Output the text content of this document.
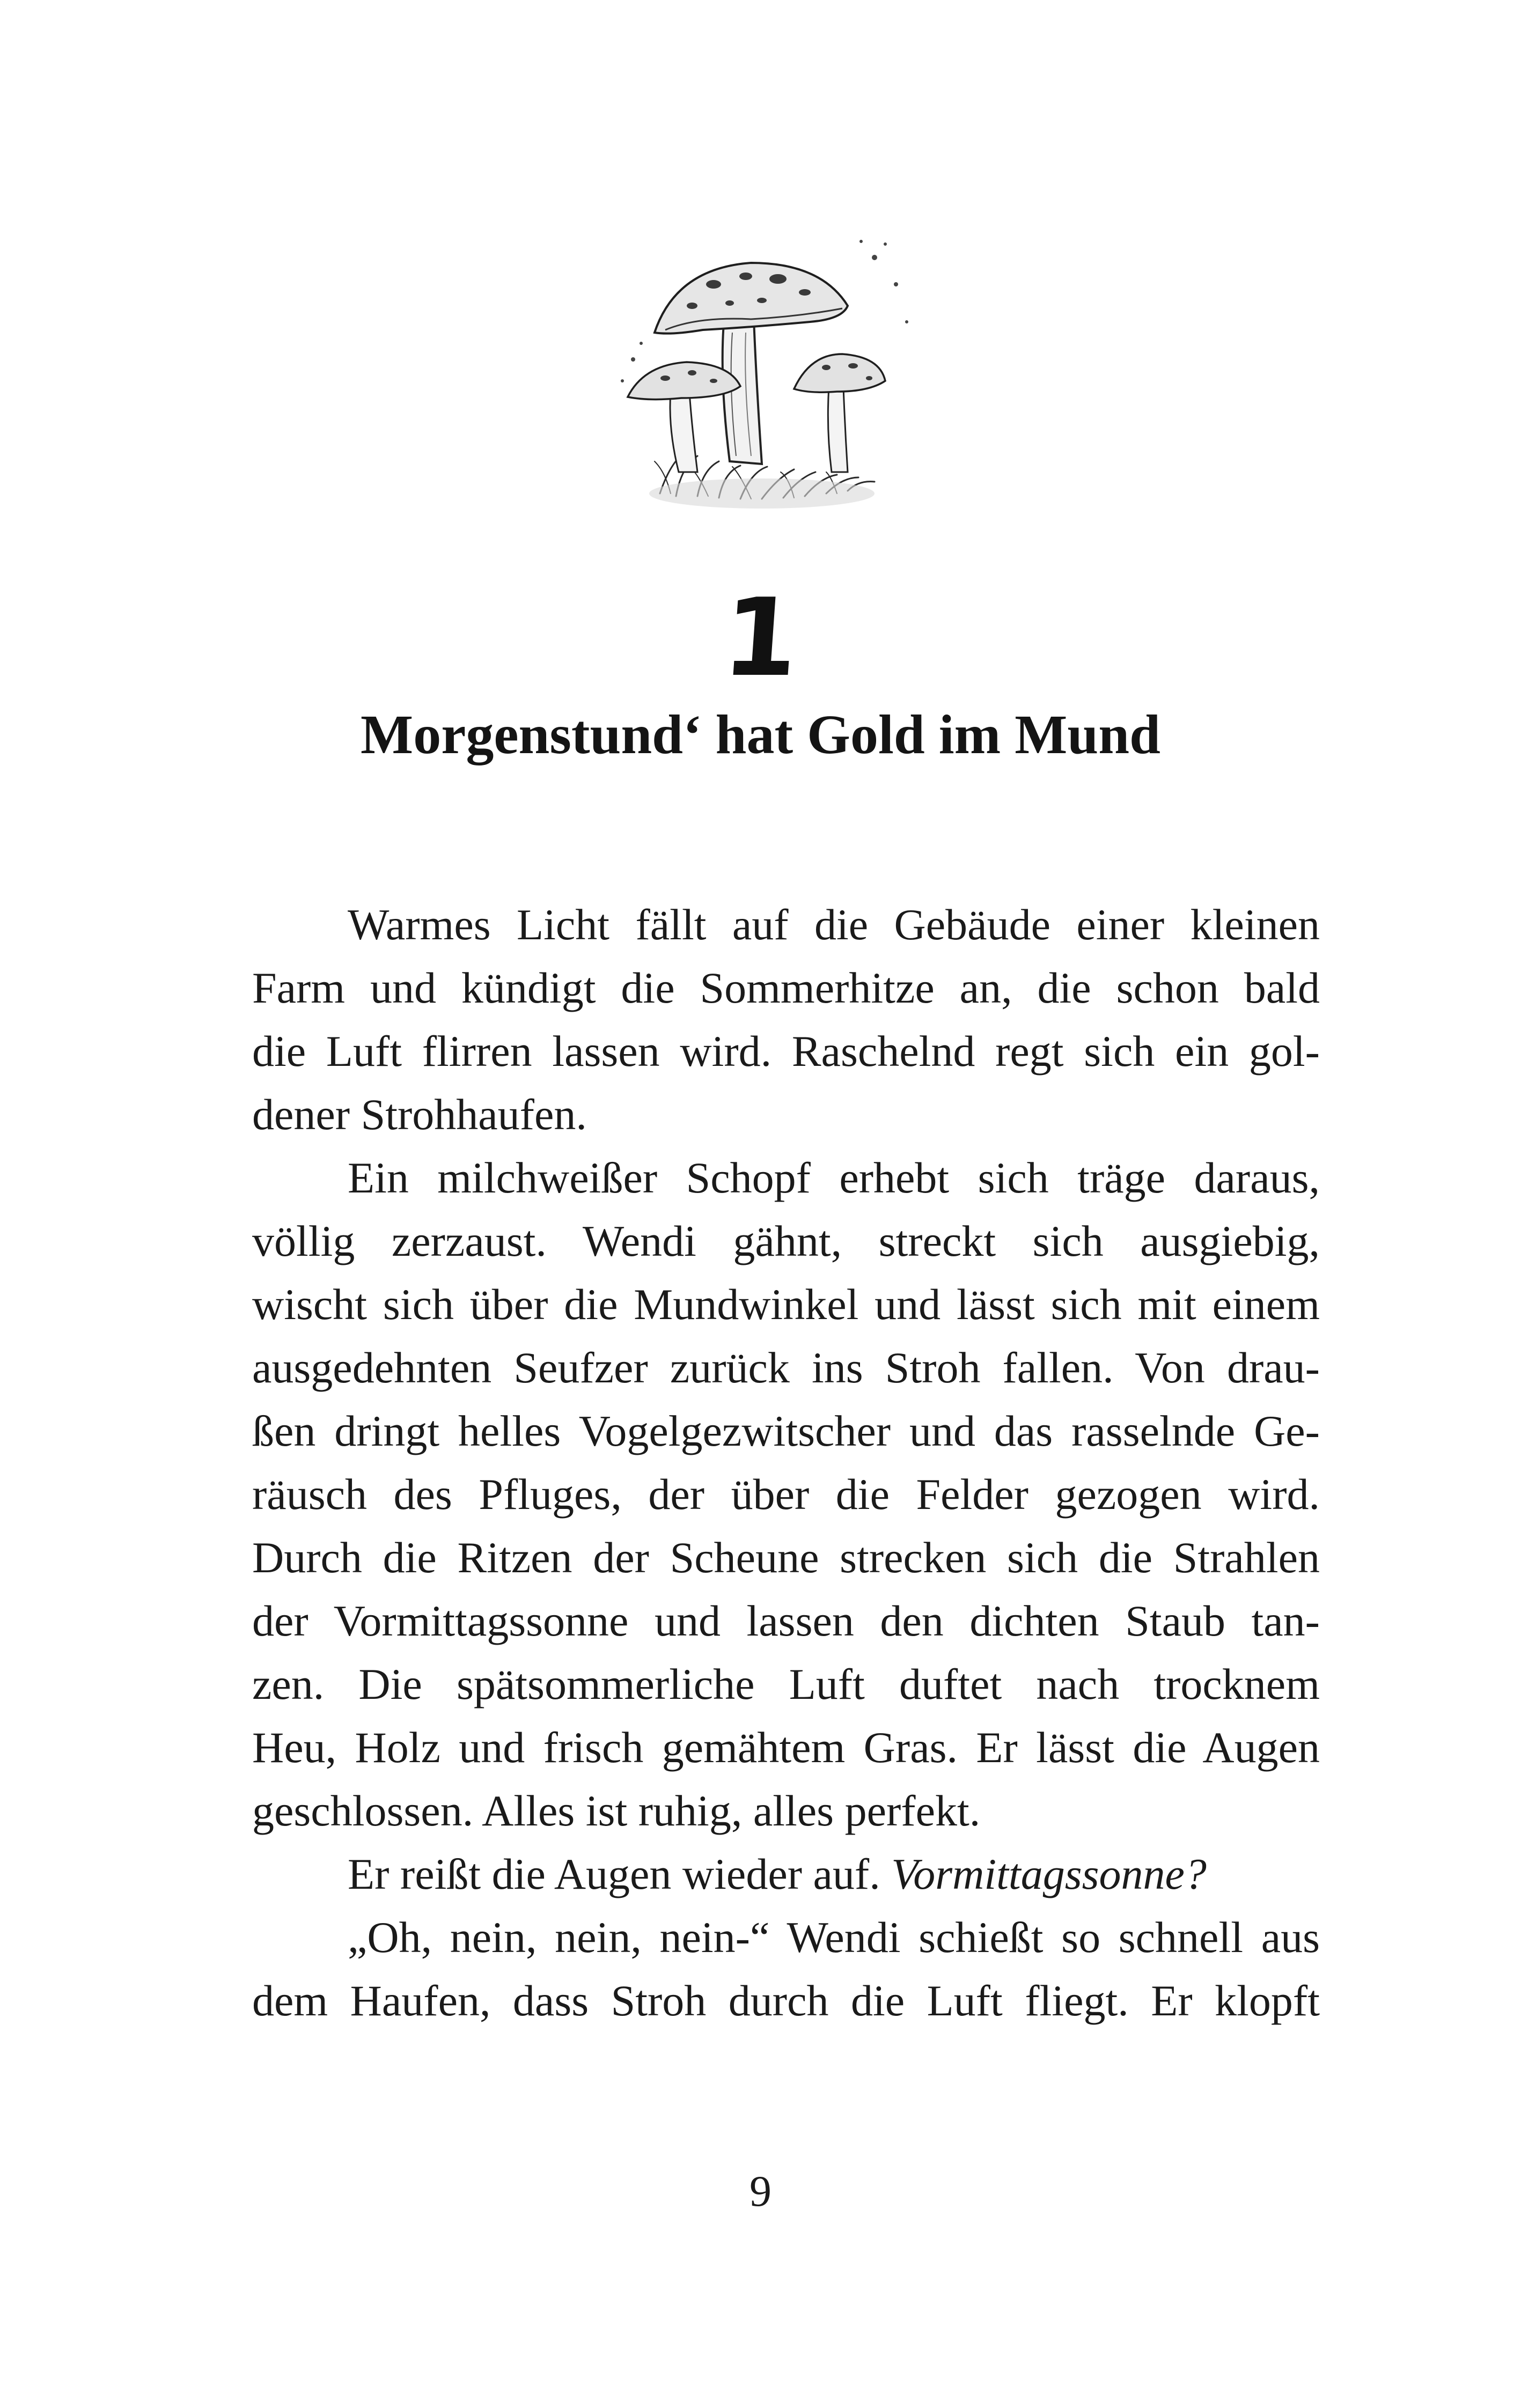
1
Morgenstund‘ hat Gold im Mund
Warmes Licht fällt auf die Gebäude einer kleinen
Farm und kündigt die Sommerhitze an, die schon bald
die Luft flirren lassen wird. Raschelnd regt sich ein gol-
dener Strohhaufen.
Ein milchweißer Schopf erhebt sich träge daraus,
völlig zerzaust. Wendi gähnt, streckt sich ausgiebig,
wischt sich über die Mundwinkel und lässt sich mit einem
ausgedehnten Seufzer zurück ins Stroh fallen. Von drau-
ßen dringt helles Vogelgezwitscher und das rasselnde Ge-
räusch des Pfluges, der über die Felder gezogen wird.
Durch die Ritzen der Scheune strecken sich die Strahlen
der Vormittagssonne und lassen den dichten Staub tan-
zen. Die spätsommerliche Luft duftet nach trocknem
Heu, Holz und frisch gemähtem Gras. Er lässt die Augen
geschlossen. Alles ist ruhig, alles perfekt.
Er reißt die Augen wieder auf. Vormittagssonne?
„Oh, nein, nein, nein-“ Wendi schießt so schnell aus
dem Haufen, dass Stroh durch die Luft fliegt. Er klopft
9
